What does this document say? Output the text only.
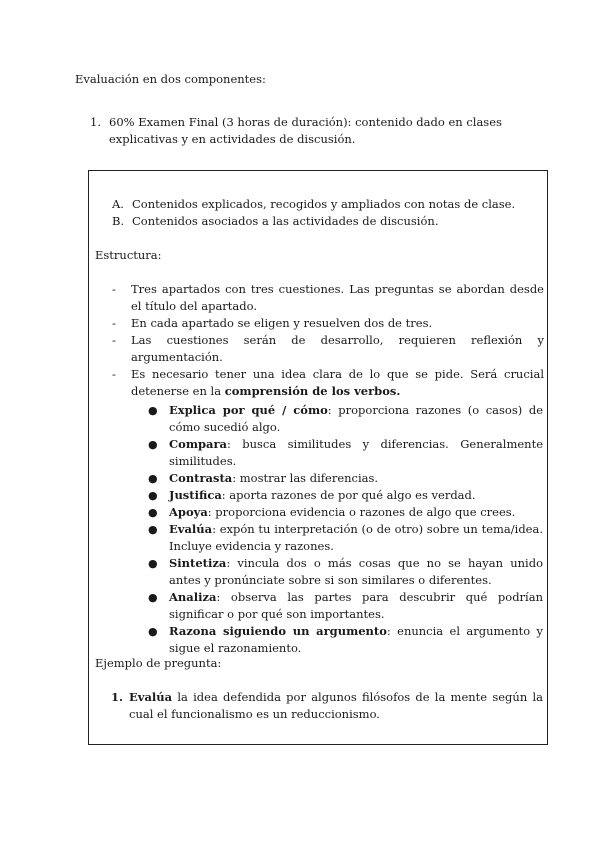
Evaluación en dos componentes:
1. 60% Examen Final (3 horas de duración): contenido dado en clases explicativas y en actividades de discusión.
A. Contenidos explicados, recogidos y ampliados con notas de clase.
B. Contenidos asociados a las actividades de discusión.
Estructura:
- Tres apartados con tres cuestiones. Las preguntas se abordan desde el título del apartado.
- En cada apartado se eligen y resuelven dos de tres.
- Las cuestiones serán de desarrollo, requieren reflexión y argumentación.
- Es necesario tener una idea clara de lo que se pide. Será crucial detenerse en la comprensión de los verbos.
● Explica por qué / cómo: proporciona razones (o casos) de cómo sucedió algo.
● Compara: busca similitudes y diferencias. Generalmente similitudes.
● Contrasta: mostrar las diferencias.
● Justifica: aporta razones de por qué algo es verdad.
● Apoya: proporciona evidencia o razones de algo que crees.
● Evalúa: expón tu interpretación (o de otro) sobre un tema/idea. Incluye evidencia y razones.
● Sintetiza: vincula dos o más cosas que no se hayan unido antes y pronúnciate sobre si son similares o diferentes.
● Analiza: observa las partes para descubrir qué podrían significar o por qué son importantes.
● Razona siguiendo un argumento: enuncia el argumento y sigue el razonamiento.
Ejemplo de pregunta:
1. Evalúa la idea defendida por algunos filósofos de la mente según la cual el funcionalismo es un reduccionismo.
